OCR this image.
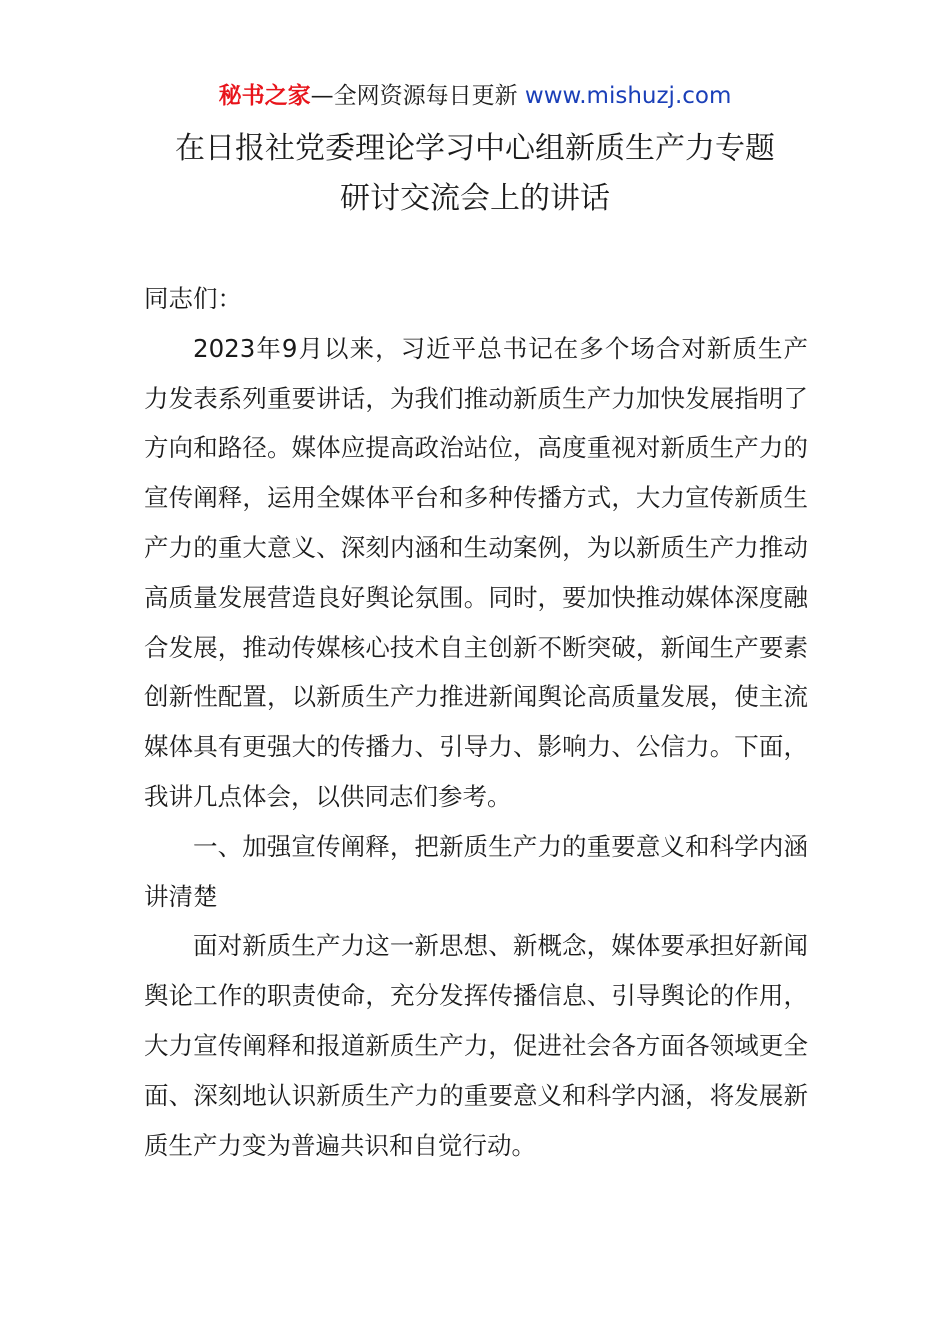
秘书之家—全网资源每日更新 www.mishuzj.com
在日报社党委理论学习中心组新质生产力专题
研讨交流会上的讲话

同志们：

2023年9月以来，习近平总书记在多个场合对新质生产力发表系列重要讲话，为我们推动新质生产力加快发展指明了方向和路径。媒体应提高政治站位，高度重视对新质生产力的宣传阐释，运用全媒体平台和多种传播方式，大力宣传新质生产力的重大意义、深刻内涵和生动案例，为以新质生产力推动高质量发展营造良好舆论氛围。同时，要加快推动媒体深度融合发展，推动传媒核心技术自主创新不断突破，新闻生产要素创新性配置，以新质生产力推进新闻舆论高质量发展，使主流媒体具有更强大的传播力、引导力、影响力、公信力。下面，我讲几点体会，以供同志们参考。

一、加强宣传阐释，把新质生产力的重要意义和科学内涵讲清楚

面对新质生产力这一新思想、新概念，媒体要承担好新闻舆论工作的职责使命，充分发挥传播信息、引导舆论的作用，大力宣传阐释和报道新质生产力，促进社会各方面各领域更全面、深刻地认识新质生产力的重要意义和科学内涵，将发展新质生产力变为普遍共识和自觉行动。
